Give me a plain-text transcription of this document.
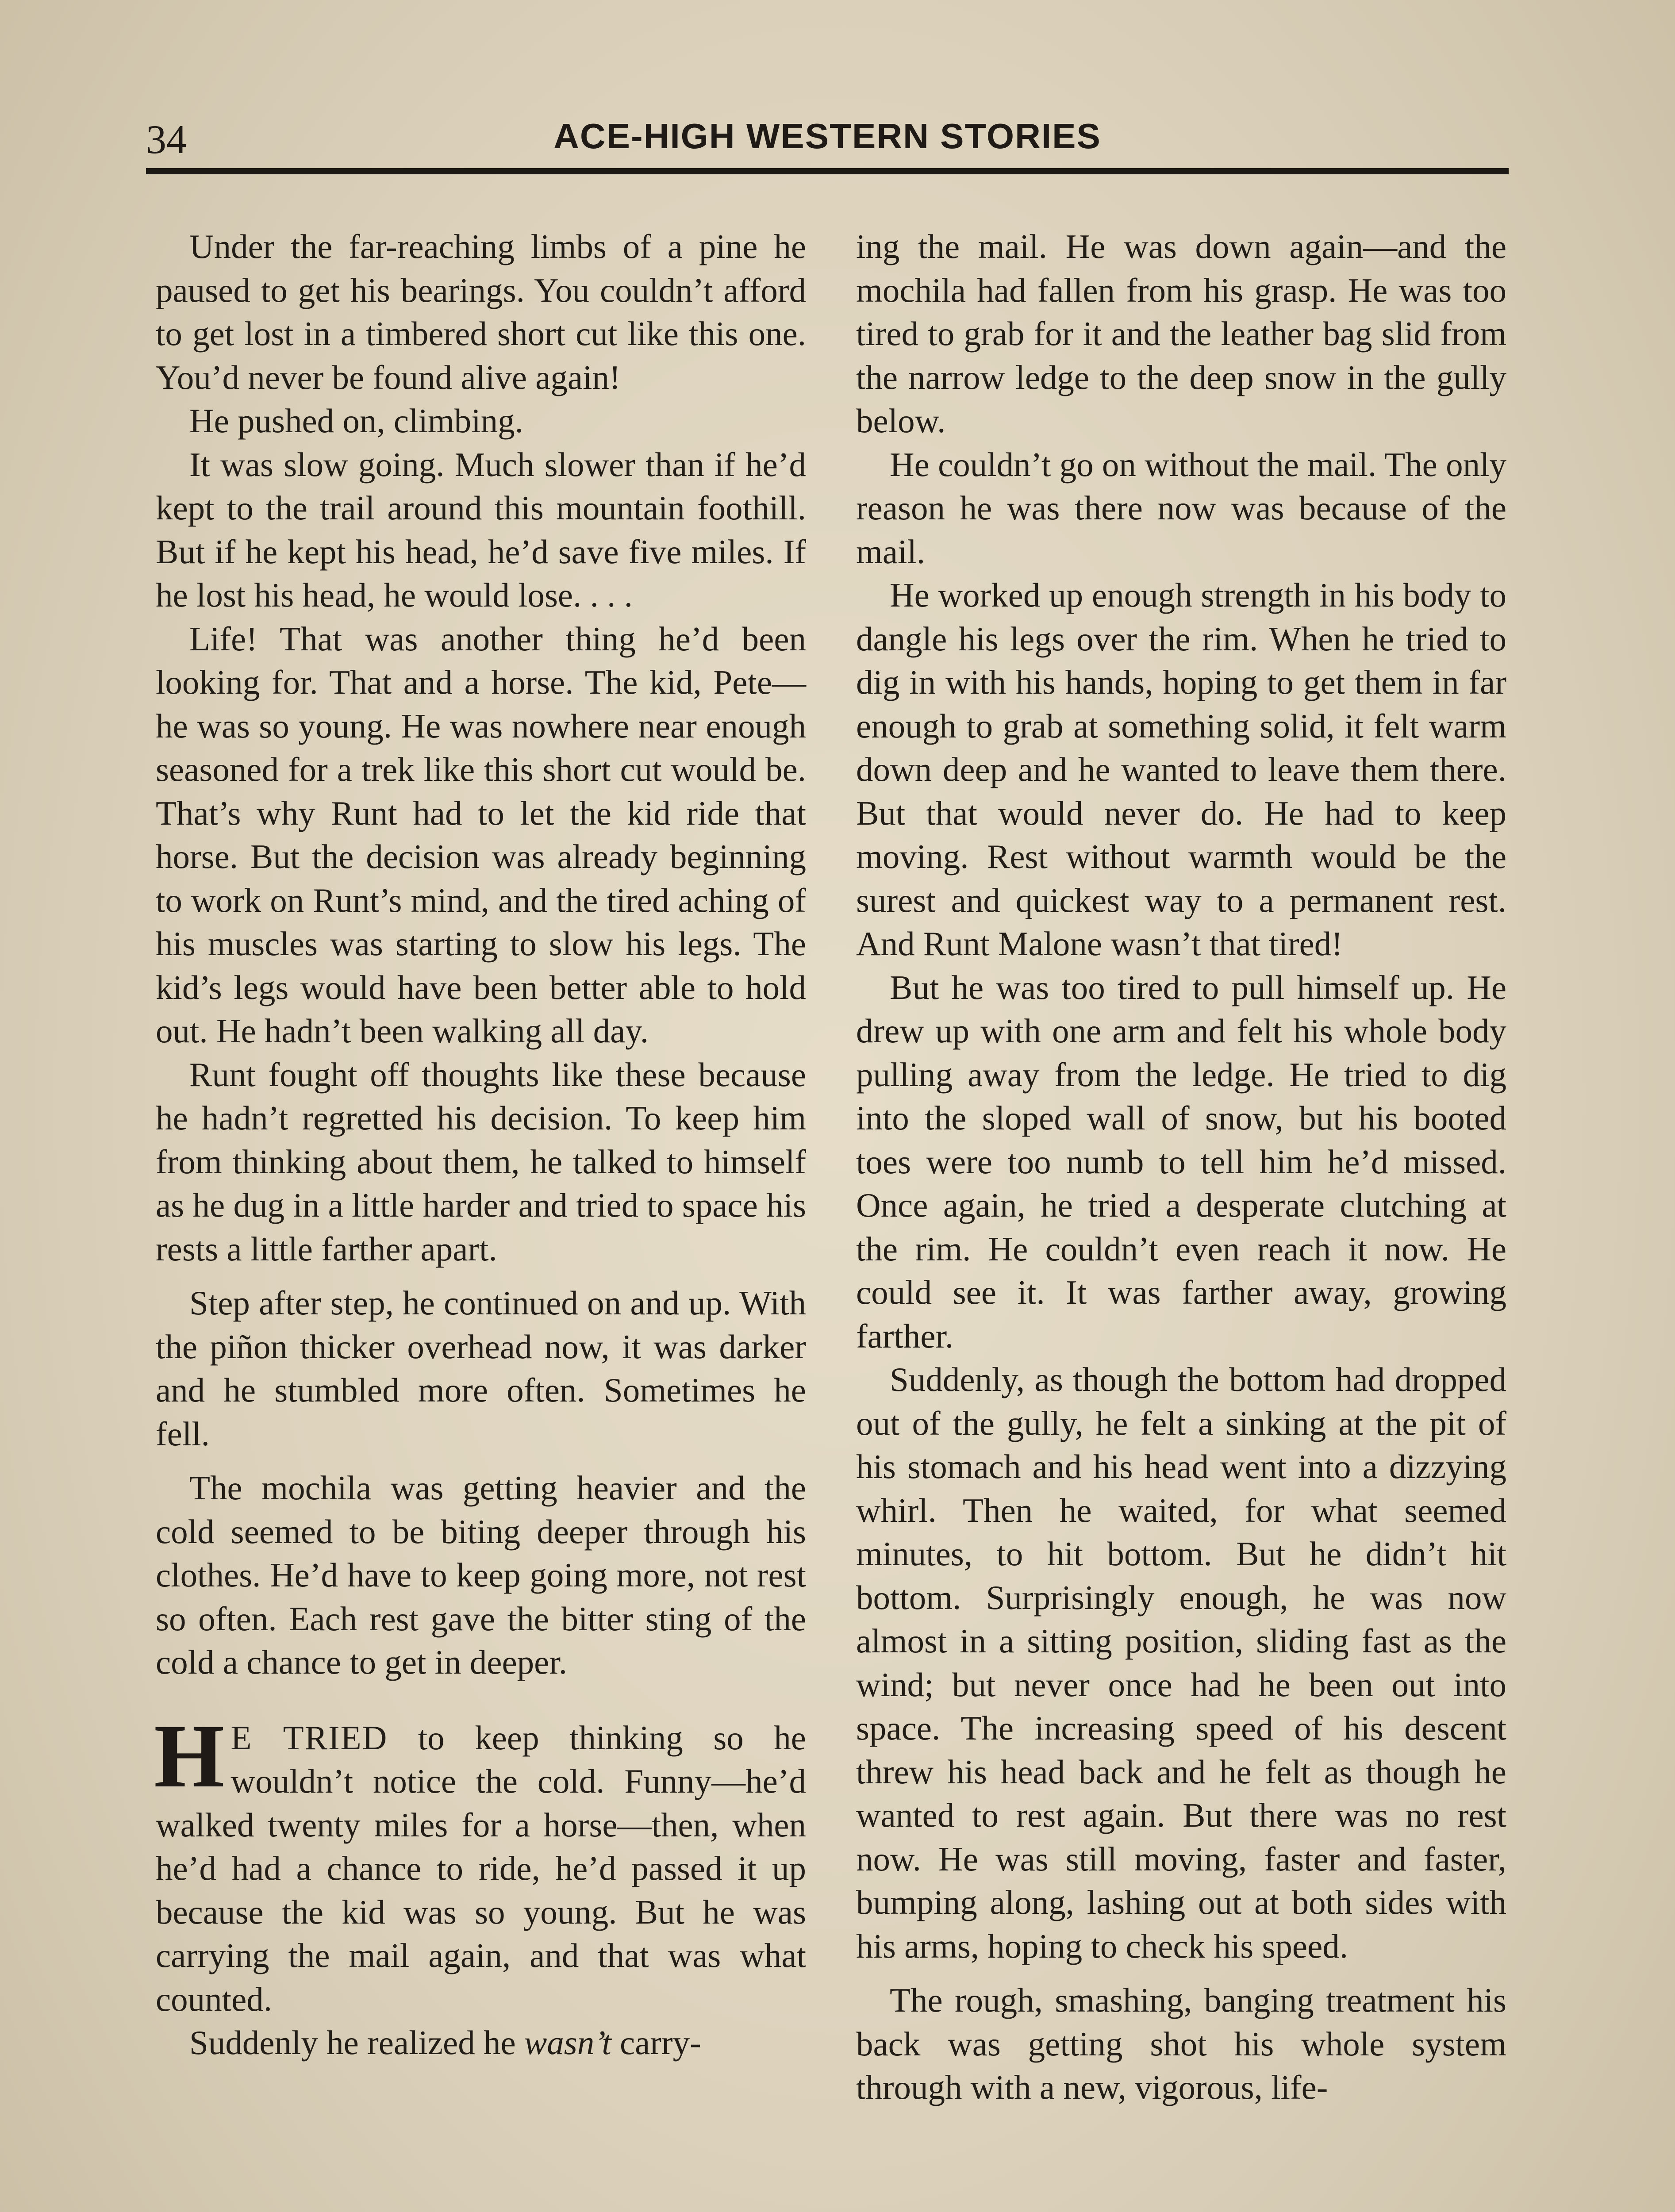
34	ACE-HIGH WESTERN STORIES

Under the far-reaching limbs of a pine he paused to get his bearings. You couldn’t afford to get lost in a timbered short cut like this one. You’d never be found alive again!

He pushed on, climbing.

It was slow going. Much slower than if he’d kept to the trail around this mountain foothill. But if he kept his head, he’d save five miles. If he lost his head, he would lose. . . .

Life! That was another thing he’d been looking for. That and a horse. The kid, Pete—he was so young. He was nowhere near enough seasoned for a trek like this short cut would be. That’s why Runt had to let the kid ride that horse. But the decision was already beginning to work on Runt’s mind, and the tired aching of his muscles was starting to slow his legs. The kid’s legs would have been better able to hold out. He hadn’t been walking all day.

Runt fought off thoughts like these because he hadn’t regretted his decision. To keep him from thinking about them, he talked to himself as he dug in a little harder and tried to space his rests a little farther apart.

Step after step, he continued on and up. With the piñon thicker overhead now, it was darker and he stumbled more often. Sometimes he fell.

The mochila was getting heavier and the cold seemed to be biting deeper through his clothes. He’d have to keep going more, not rest so often. Each rest gave the bitter sting of the cold a chance to get in deeper.

H E TRIED to keep thinking so he wouldn’t notice the cold. Funny—he’d walked twenty miles for a horse—then, when he’d had a chance to ride, he’d passed it up because the kid was so young. But he was carrying the mail again, and that was what counted.

Suddenly he realized he wasn’t carry-

ing the mail. He was down again—and the mochila had fallen from his grasp. He was too tired to grab for it and the leather bag slid from the narrow ledge to the deep snow in the gully below.

He couldn’t go on without the mail. The only reason he was there now was because of the mail.

He worked up enough strength in his body to dangle his legs over the rim. When he tried to dig in with his hands, hoping to get them in far enough to grab at something solid, it felt warm down deep and he wanted to leave them there. But that would never do. He had to keep moving. Rest without warmth would be the surest and quickest way to a permanent rest. And Runt Malone wasn’t that tired!

But he was too tired to pull himself up. He drew up with one arm and felt his whole body pulling away from the ledge. He tried to dig into the sloped wall of snow, but his booted toes were too numb to tell him he’d missed. Once again, he tried a desperate clutching at the rim. He couldn’t even reach it now. He could see it. It was farther away, growing farther.

Suddenly, as though the bottom had dropped out of the gully, he felt a sinking at the pit of his stomach and his head went into a dizzying whirl. Then he waited, for what seemed minutes, to hit bottom. But he didn’t hit bottom. Surprisingly enough, he was now almost in a sitting position, sliding fast as the wind; but never once had he been out into space. The increasing speed of his descent threw his head back and he felt as though he wanted to rest again. But there was no rest now. He was still moving, faster and faster, bumping along, lashing out at both sides with his arms, hoping to check his speed.

The rough, smashing, banging treatment his back was getting shot his whole system through with a new, vigorous, life-
